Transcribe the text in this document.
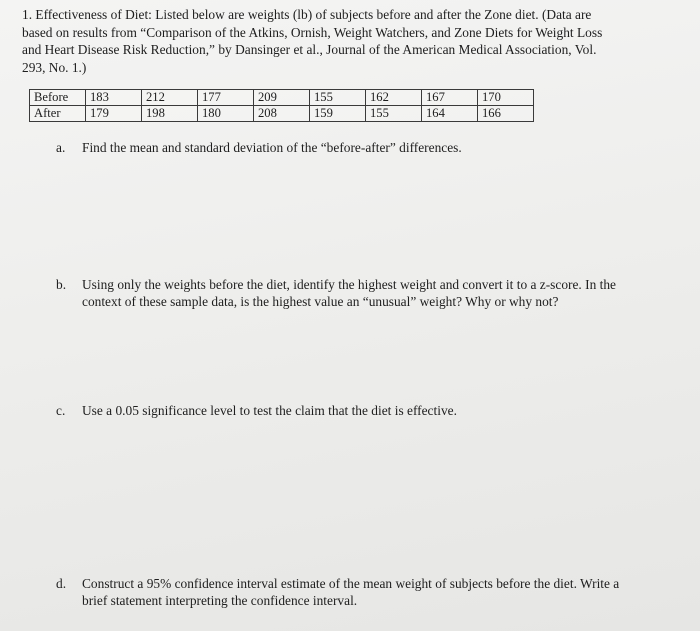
1. Effectiveness of Diet: Listed below are weights (lb) of subjects before and after the Zone diet. (Data are
based on results from “Comparison of the Atkins, Ornish, Weight Watchers, and Zone Diets for Weight Loss
and Heart Disease Risk Reduction,” by Dansinger et al., Journal of the American Medical Association, Vol.
293, No. 1.)

Before	183	212	177	209	155	162	167	170
After	179	198	180	208	159	155	164	166

a. Find the mean and standard deviation of the “before-after” differences.

b. Using only the weights before the diet, identify the highest weight and convert it to a z-score. In the
context of these sample data, is the highest value an “unusual” weight? Why or why not?

c. Use a 0.05 significance level to test the claim that the diet is effective.

d. Construct a 95% confidence interval estimate of the mean weight of subjects before the diet. Write a
brief statement interpreting the confidence interval.
